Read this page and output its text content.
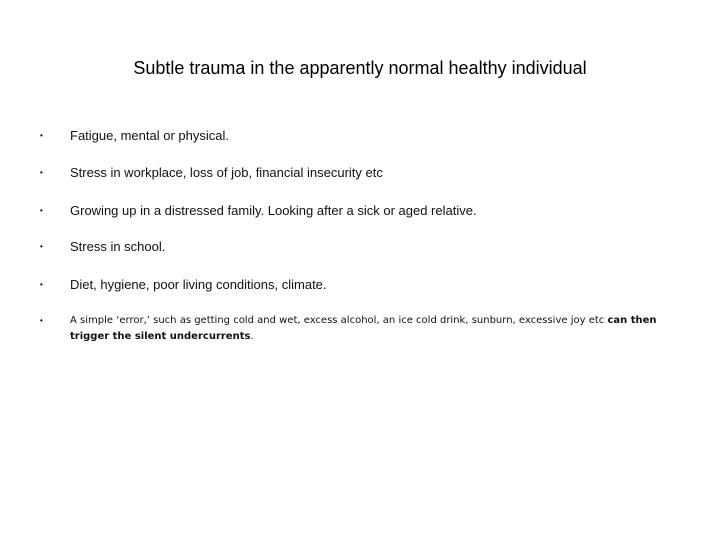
Subtle trauma in the apparently normal healthy individual
• Fatigue, mental or physical.
• Stress in workplace, loss of job, financial insecurity etc
• Growing up in a distressed family. Looking after a sick or aged relative.
• Stress in school.
• Diet, hygiene, poor living conditions, climate.
•	A simple ‘error,’ such as getting cold and wet, excess alcohol, an ice cold drink, sunburn, excessive joy etc can then trigger the silent undercurrents.
